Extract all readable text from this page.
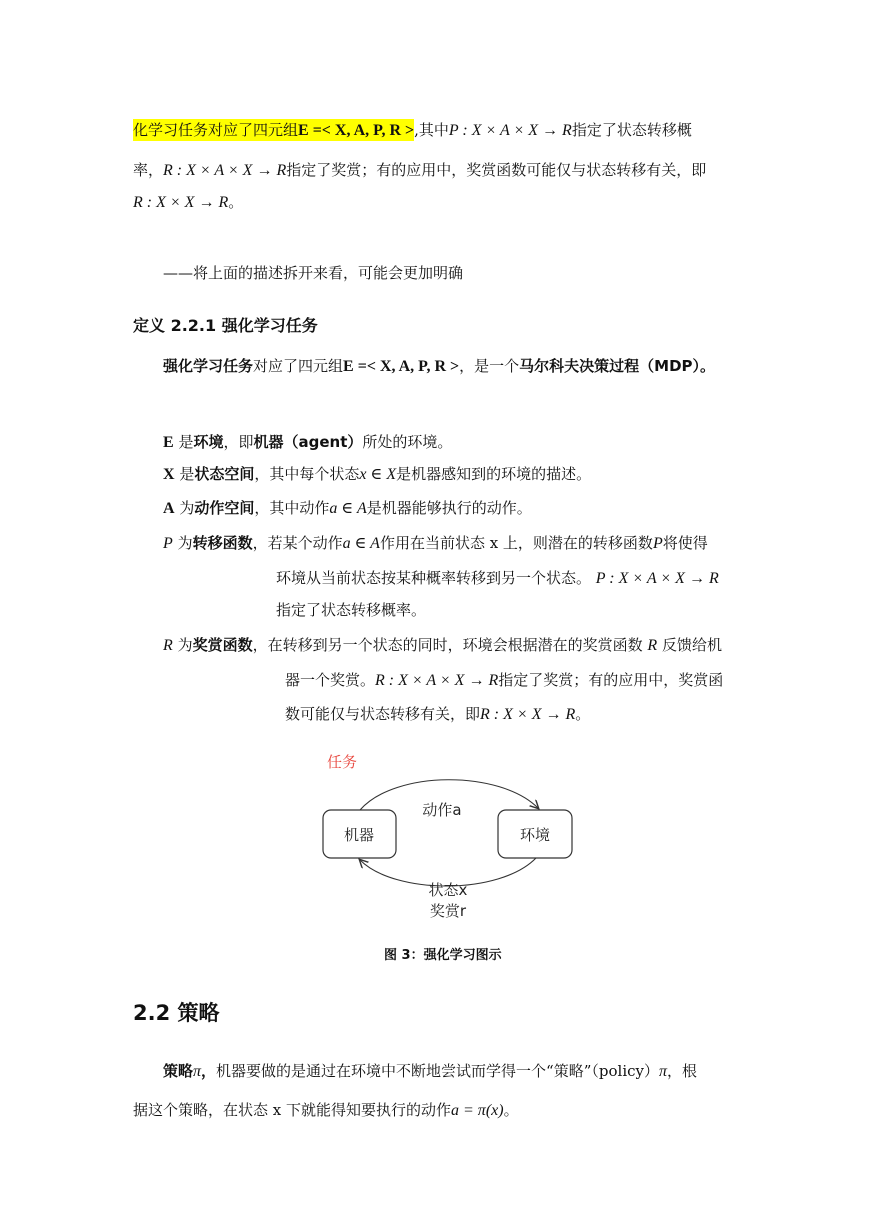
化学习任务对应了四元组E =< X, A, P, R >,其中P : X × A × X → R指定了状态转移概
率，R : X × A × X → R指定了奖赏；有的应用中，奖赏函数可能仅与状态转移有关，即
R : X × X → R。
——将上面的描述拆开来看，可能会更加明确
定义 2.2.1 强化学习任务
强化学习任务对应了四元组E =< X, A, P, R >，是一个马尔科夫决策过程（MDP）。
E 是环境，即机器（agent）所处的环境。
X 是状态空间，其中每个状态x ∈ X是机器感知到的环境的描述。
A 为动作空间，其中动作a ∈ A是机器能够执行的动作。
P 为转移函数，若某个动作a ∈ A作用在当前状态 x 上，则潜在的转移函数P将使得
环境从当前状态按某种概率转移到另一个状态。 P : X × A × X → R
指定了状态转移概率。
R 为奖赏函数，在转移到另一个状态的同时，环境会根据潜在的奖赏函数 R 反馈给机
器一个奖赏。R : X × A × X → R指定了奖赏；有的应用中，奖赏函
数可能仅与状态转移有关，即R : X × X → R。
任务
机器	环境
动作a
状态x
奖赏r
图 3：强化学习图示
2.2 策略
策略π，机器要做的是通过在环境中不断地尝试而学得一个“策略”（policy）π，根
据这个策略，在状态 x 下就能得知要执行的动作a = π(x)。
